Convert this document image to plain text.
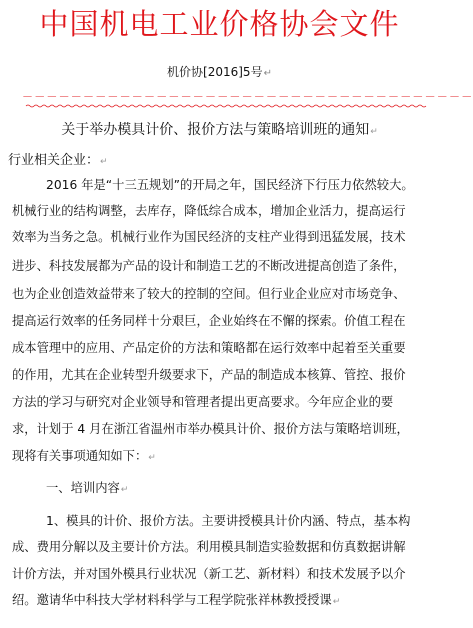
中国机电工业价格协会文件
机价协[2016]5号↵
－－－－－－－－－－－－－－－－－－－－－－－－－－－－－－－－－－－－－
关于举办模具计价、报价方法与策略培训班的通知↵
行业相关企业：↵
2016 年是“十三五规划”的开局之年，国民经济下行压力依然较大。
机械行业的结构调整，去库存，降低综合成本，增加企业活力，提高运行
效率为当务之急。机械行业作为国民经济的支柱产业得到迅猛发展，技术
进步、科技发展都为产品的设计和制造工艺的不断改进提高创造了条件，
也为企业创造效益带来了较大的控制的空间。但行业企业应对市场竞争、
提高运行效率的任务同样十分艰巨，企业始终在不懈的探索。价值工程在
成本管理中的应用、产品定价的方法和策略都在运行效率中起着至关重要
的作用，尤其在企业转型升级要求下，产品的制造成本核算、管控、报价
方法的学习与研究对企业领导和管理者提出更高要求。今年应企业的要
求，计划于 4 月在浙江省温州市举办模具计价、报价方法与策略培训班，
现将有关事项通知如下：↵
一、培训内容↵
1、模具的计价、报价方法。主要讲授模具计价内涵、特点，基本构
成、费用分解以及主要计价方法。利用模具制造实验数据和仿真数据讲解
计价方法，并对国外模具行业状况（新工艺、新材料）和技术发展予以介
绍。邀请华中科技大学材料科学与工程学院张祥林教授授课↵
